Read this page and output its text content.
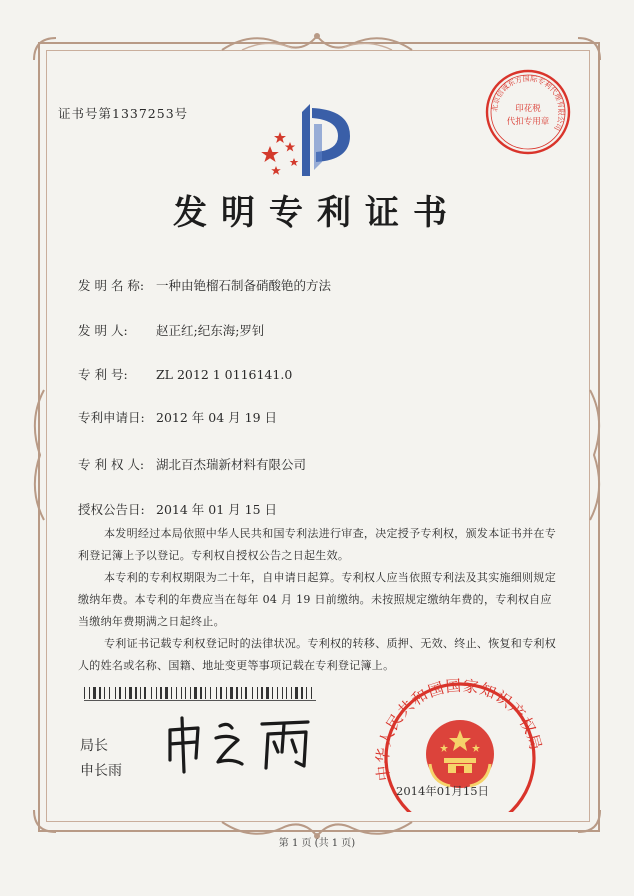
证书号第1337253号	北京信诚东方国际专利代理有限公司
印花税
代扣专用章
发明专利证书
发 明 名 称: 一种由铯榴石制备硝酸铯的方法
发 明 人: 赵正红;纪东海;罗钊
专 利 号: ZL 2012 1 0116141.0
专利申请日: 2012 年 04 月 19 日
专 利 权 人: 湖北百杰瑞新材料有限公司
授权公告日: 2014 年 01 月 15 日

本发明经过本局依照中华人民共和国专利法进行审查，决定授予专利权，颁发本证书并在专利登记簿上予以登记。专利权自授权公告之日起生效。

本专利的专利权期限为二十年，自申请日起算。专利权人应当依照专利法及其实施细则规定缴纳年费。本专利的年费应当在每年 04 月 19 日前缴纳。未按照规定缴纳年费的，专利权自应当缴纳年费期满之日起终止。

专利证书记载专利权登记时的法律状况。专利权的转移、质押、无效、终止、恢复和专利权人的姓名或名称、国籍、地址变更等事项记载在专利登记簿上。

局长
申长雨	中华人民共和国国家知识产权局
2014年01月15日
第 1 页 (共 1 页)
